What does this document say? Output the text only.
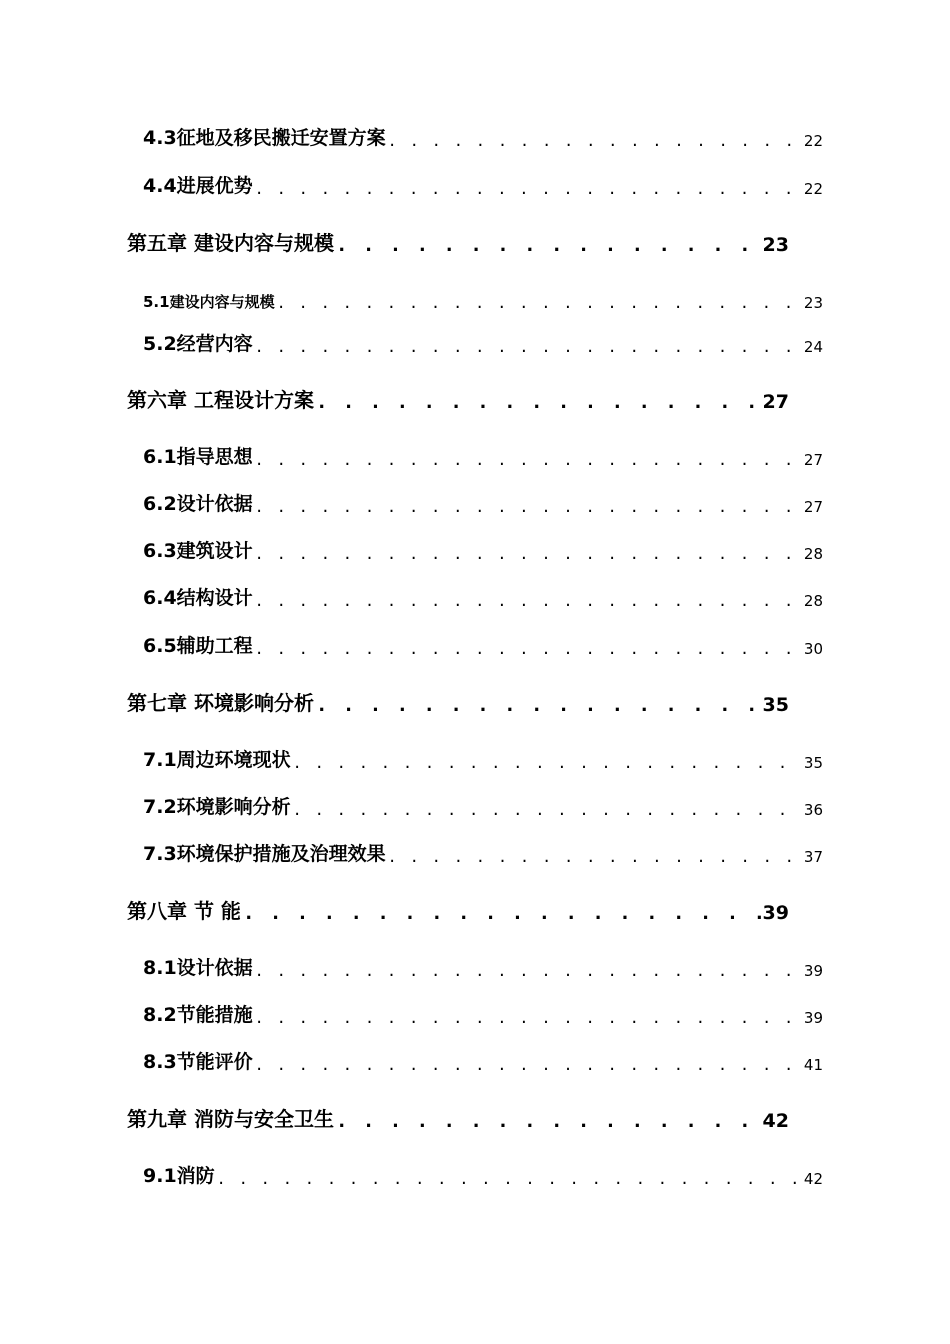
4.3征地及移民搬迁安置方案 . . .	22
4.4进展优势 . . .	22
第五章 建设内容与规模 . . .	23
5.1建设内容与规模 . . .	23
5.2经营内容 . . .	24
第六章 工程设计方案 . . .	27
6.1指导思想 . . .	27
6.2设计依据 . . .	27
6.3建筑设计 . . .	28
6.4结构设计 . . .	28
6.5辅助工程 . . .	30
第七章 环境影响分析 . . .	35
7.1周边环境现状 . . .	35
7.2环境影响分析 . . .	36
7.3环境保护措施及治理效果 . . .	37
第八章 节 能 . . .	39
8.1设计依据 . . .	39
8.2节能措施 . . .	39
8.3节能评价 . . .	41
第九章 消防与安全卫生 . . .	42
9.1消防 . . .	42
